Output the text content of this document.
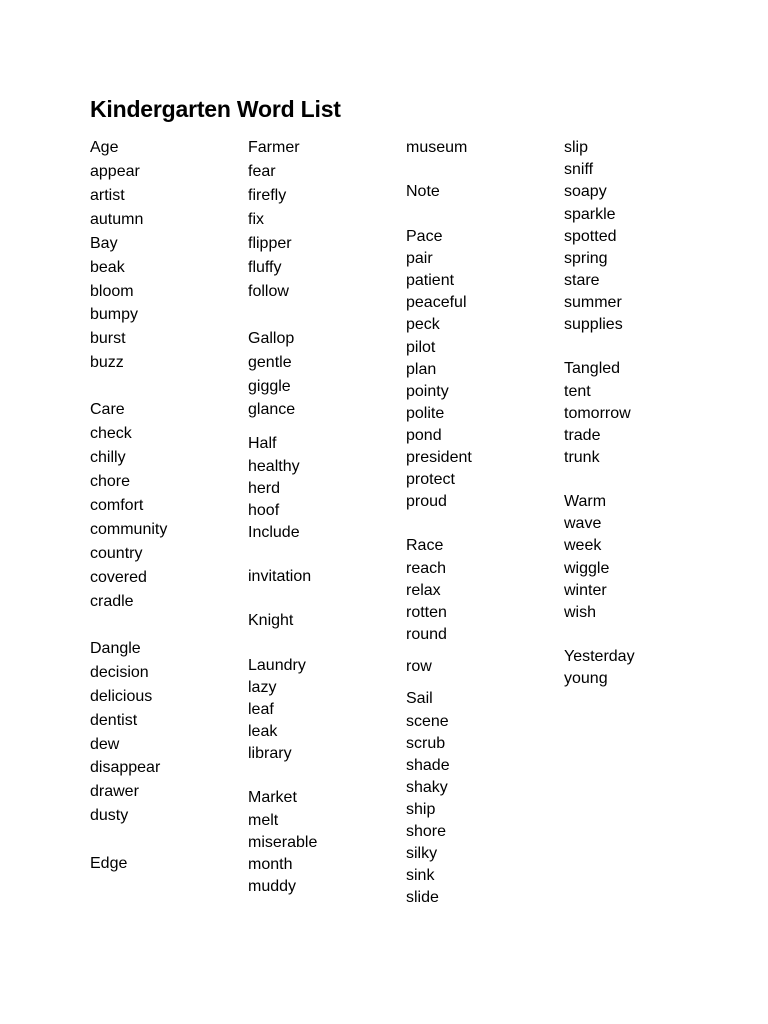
Kindergarten Word List
Age
appear
artist
autumn
Bay
beak
bloom
bumpy
burst
buzz
Care
check
chilly
chore
comfort
community
country
covered
cradle
Dangle
decision
delicious
dentist
dew
disappear
drawer
dusty
Edge
Farmer
fear
firefly
fix
flipper
fluffy
follow
Gallop
gentle
giggle
glance
Half
healthy
herd
hoof
Include
invitation
Knight
Laundry
lazy
leaf
leak
library
Market
melt
miserable
month
muddy
museum
Note
Pace
pair
patient
peaceful
peck
pilot
plan
pointy
polite
pond
president
protect
proud
Race
reach
relax
rotten
round
row
Sail
scene
scrub
shade
shaky
ship
shore
silky
sink
slide
slip
sniff
soapy
sparkle
spotted
spring
stare
summer
supplies
Tangled
tent
tomorrow
trade
trunk
Warm
wave
week
wiggle
winter
wish
Yesterday
young
